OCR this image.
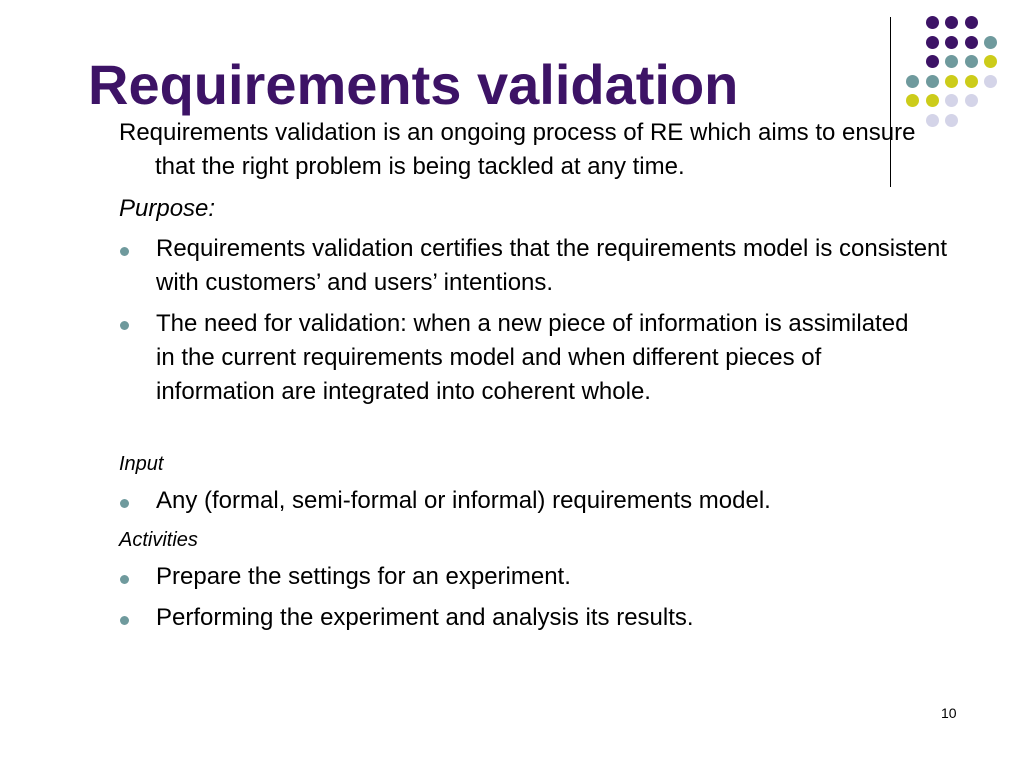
Requirements validation

Requirements validation is an ongoing process of RE which aims to ensure that the right problem is being tackled at any time.

Purpose:

Requirements validation certifies that the requirements model is consistent with customers’ and users’ intentions.

The need for validation: when a new piece of information is assimilated in the current requirements model and when different pieces of information are integrated into coherent whole.

Input

Any (formal, semi-formal or informal) requirements model.

Activities

Prepare the settings for an experiment.

Performing the experiment and analysis its results.

10
